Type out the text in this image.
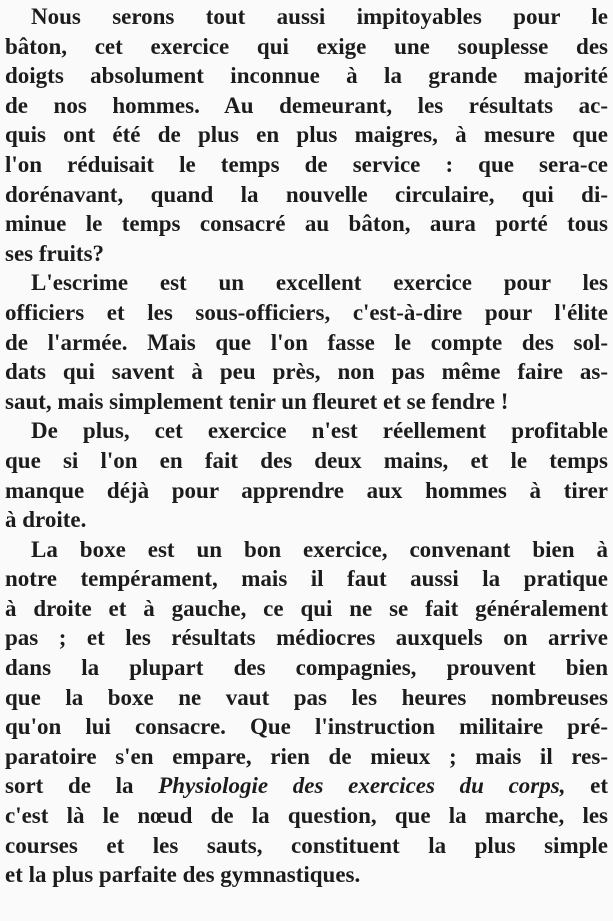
Nous serons tout aussi impitoyables pour le
bâton, cet exercice qui exige une souplesse des
doigts absolument inconnue à la grande majorité
de nos hommes. Au demeurant, les résultats ac-
quis ont été de plus en plus maigres, à mesure que
l'on réduisait le temps de service : que sera-ce
dorénavant, quand la nouvelle circulaire, qui di-
minue le temps consacré au bâton, aura porté tous
ses fruits?
L'escrime est un excellent exercice pour les
officiers et les sous-officiers, c'est-à-dire pour l'élite
de l'armée. Mais que l'on fasse le compte des sol-
dats qui savent à peu près, non pas même faire as-
saut, mais simplement tenir un fleuret et se fendre !
De plus, cet exercice n'est réellement profitable
que si l'on en fait des deux mains, et le temps
manque déjà pour apprendre aux hommes à tirer
à droite.
La boxe est un bon exercice, convenant bien à
notre tempérament, mais il faut aussi la pratique
à droite et à gauche, ce qui ne se fait généralement
pas ; et les résultats médiocres auxquels on arrive
dans la plupart des compagnies, prouvent bien
que la boxe ne vaut pas les heures nombreuses
qu'on lui consacre. Que l'instruction militaire pré-
paratoire s'en empare, rien de mieux ; mais il res-
sort de la Physiologie des exercices du corps, et
c'est là le nœud de la question, que la marche, les
courses et les sauts, constituent la plus simple
et la plus parfaite des gymnastiques.
